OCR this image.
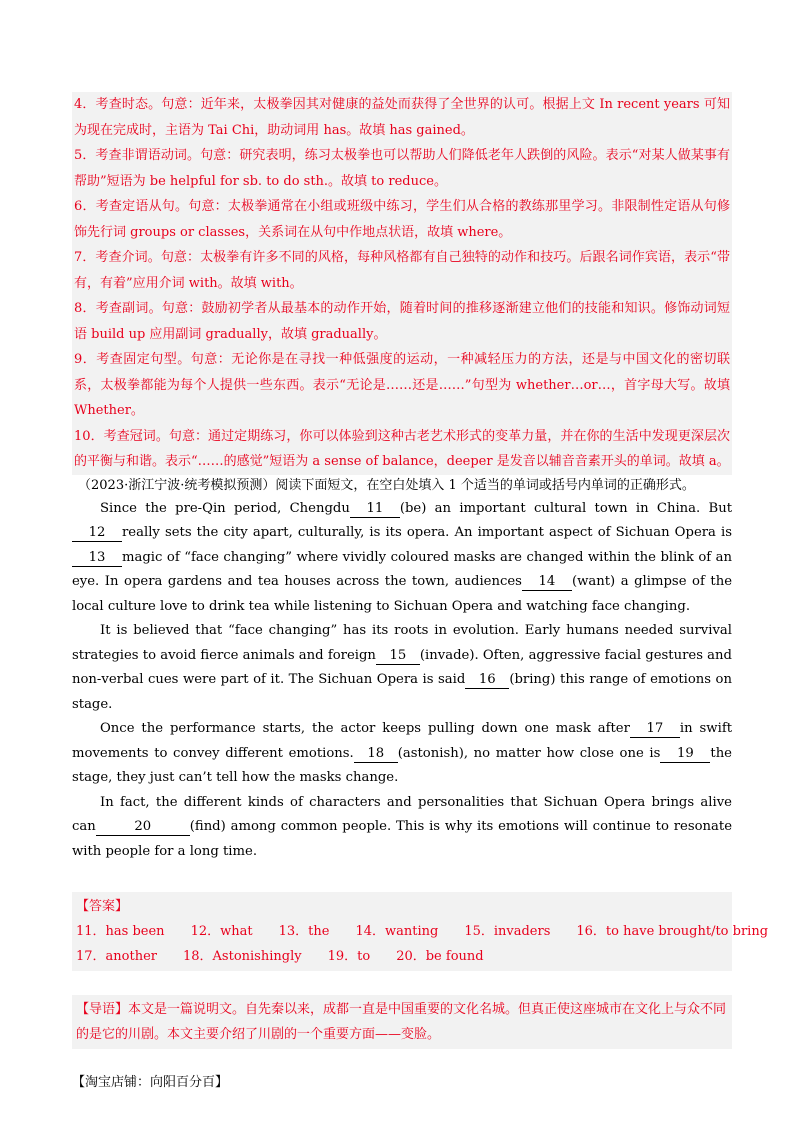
4．考查时态。句意：近年来，太极拳因其对健康的益处而获得了全世界的认可。根据上文 In recent years 可知为现在完成时，主语为 Tai Chi，助动词用 has。故填 has gained。

5．考查非谓语动词。句意：研究表明，练习太极拳也可以帮助人们降低老年人跌倒的风险。表示“对某人做某事有帮助”短语为 be helpful for sb. to do sth.。故填 to reduce。

6．考查定语从句。句意：太极拳通常在小组或班级中练习，学生们从合格的教练那里学习。非限制性定语从句修饰先行词 groups or classes，关系词在从句中作地点状语，故填 where。

7．考查介词。句意：太极拳有许多不同的风格，每种风格都有自己独特的动作和技巧。后跟名词作宾语，表示“带有，有着”应用介词 with。故填 with。

8．考查副词。句意：鼓励初学者从最基本的动作开始，随着时间的推移逐渐建立他们的技能和知识。修饰动词短语 build up 应用副词 gradually，故填 gradually。

9．考查固定句型。句意：无论你是在寻找一种低强度的运动，一种减轻压力的方法，还是与中国文化的密切联系，太极拳都能为每个人提供一些东西。表示“无论是……还是……”句型为 whether…or…，首字母大写。故填 Whether。

10．考查冠词。句意：通过定期练习，你可以体验到这种古老艺术形式的变革力量，并在你的生活中发现更深层次的平衡与和谐。表示“……的感觉”短语为 a sense of balance，deeper 是发音以辅音音素开头的单词。故填 a。

（2023·浙江宁波·统考模拟预测）阅读下面短文，在空白处填入 1 个适当的单词或括号内单词的正确形式。

Since the pre-Qin period, Chengdu 11 (be) an important cultural town in China. But12 really sets the city apart, culturally, is its opera. An important aspect of Sichuan Opera is13 magic of “face changing” where vividly coloured masks are changed within the blink of an eye. In opera gardens and tea houses across the town, audiences 14 (want) a glimpse of the local culture love to drink tea while listening to Sichuan Opera and watching face changing.

It is believed that “face changing” has its roots in evolution. Early humans needed survival strategies to avoid fierce animals and foreign 15 (invade). Often, aggressive facial gestures and non-verbal cues were part of it. The Sichuan Opera is said 16 (bring) this range of emotions on stage.

Once the performance starts, the actor keeps pulling down one mask after 17 in swift movements to convey different emotions. 18 (astonish), no matter how close one is 19 the stage, they just can’t tell how the masks change.

In fact, the different kinds of characters and personalities that Sichuan Opera brings alive can	20	(find) among common people. This is why its emotions will continue to resonate with people for a long time.

【答案】
11．has been 12．what 13．the 14．wanting 15．invaders 16．to have brought/to bring
17．another 18．Astonishingly 19．to 20．be found
【导语】本文是一篇说明文。自先秦以来，成都一直是中国重要的文化名城。但真正使这座城市在文化上与众不同的是它的川剧。本文主要介绍了川剧的一个重要方面——变脸。
【淘宝店铺：向阳百分百】
